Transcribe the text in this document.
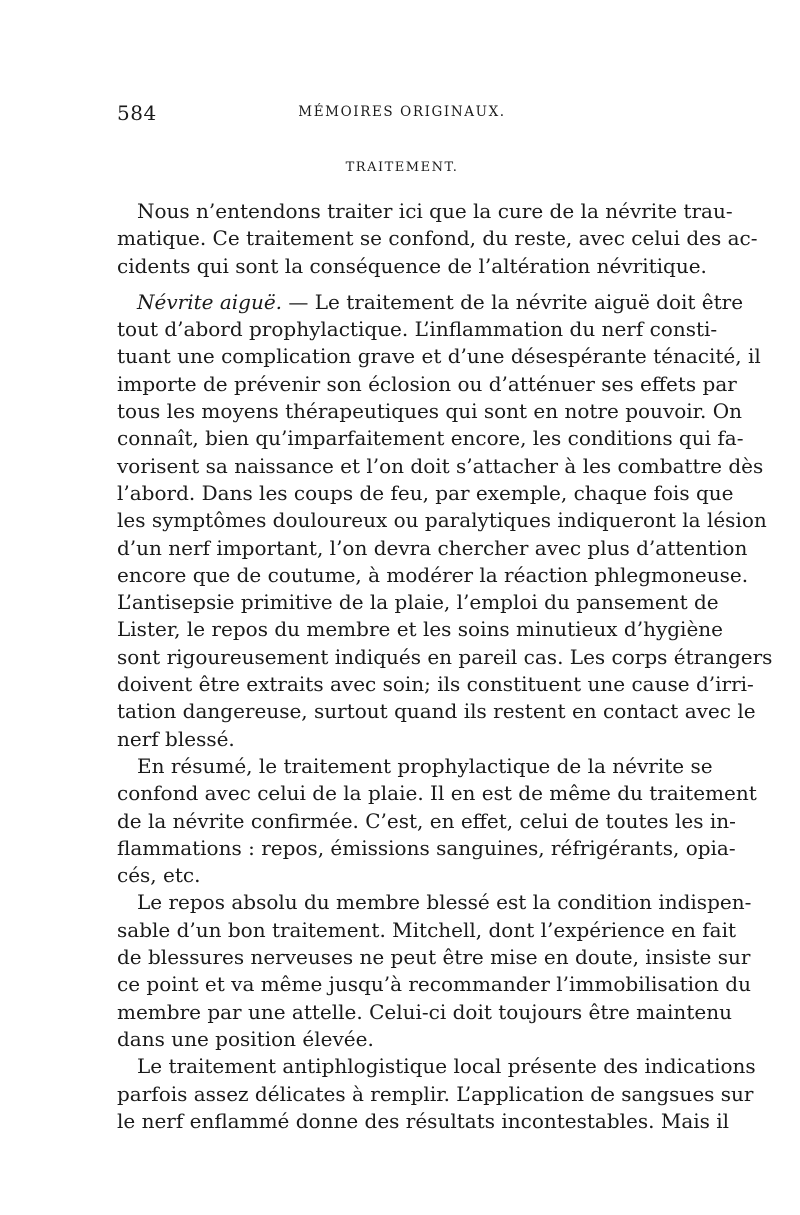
584	MÉMOIRES ORIGINAUX.
TRAITEMENT.
Nous n’entendons traiter ici que la cure de la névrite trau-
matique. Ce traitement se confond, du reste, avec celui des ac-
cidents qui sont la conséquence de l’altération névritique.
Névrite aiguë. — Le traitement de la névrite aiguë doit être
tout d’abord prophylactique. L’inflammation du nerf consti-
tuant une complication grave et d’une désespérante ténacité, il
importe de prévenir son éclosion ou d’atténuer ses effets par
tous les moyens thérapeutiques qui sont en notre pouvoir. On
connaît, bien qu’imparfaitement encore, les conditions qui fa-
vorisent sa naissance et l’on doit s’attacher à les combattre dès
l’abord. Dans les coups de feu, par exemple, chaque fois que
les symptômes douloureux ou paralytiques indiqueront la lésion
d’un nerf important, l’on devra chercher avec plus d’attention
encore que de coutume, à modérer la réaction phlegmoneuse.
L’antisepsie primitive de la plaie, l’emploi du pansement de
Lister, le repos du membre et les soins minutieux d’hygiène
sont rigoureusement indiqués en pareil cas. Les corps étrangers
doivent être extraits avec soin; ils constituent une cause d’irri-
tation dangereuse, surtout quand ils restent en contact avec le
nerf blessé.
En résumé, le traitement prophylactique de la névrite se
confond avec celui de la plaie. Il en est de même du traitement
de la névrite confirmée. C’est, en effet, celui de toutes les in-
flammations : repos, émissions sanguines, réfrigérants, opia-
cés, etc.
Le repos absolu du membre blessé est la condition indispen-
sable d’un bon traitement. Mitchell, dont l’expérience en fait
de blessures nerveuses ne peut être mise en doute, insiste sur
ce point et va même jusqu’à recommander l’immobilisation du
membre par une attelle. Celui-ci doit toujours être maintenu
dans une position élevée.
Le traitement antiphlogistique local présente des indications
parfois assez délicates à remplir. L’application de sangsues sur
le nerf enflammé donne des résultats incontestables. Mais il
